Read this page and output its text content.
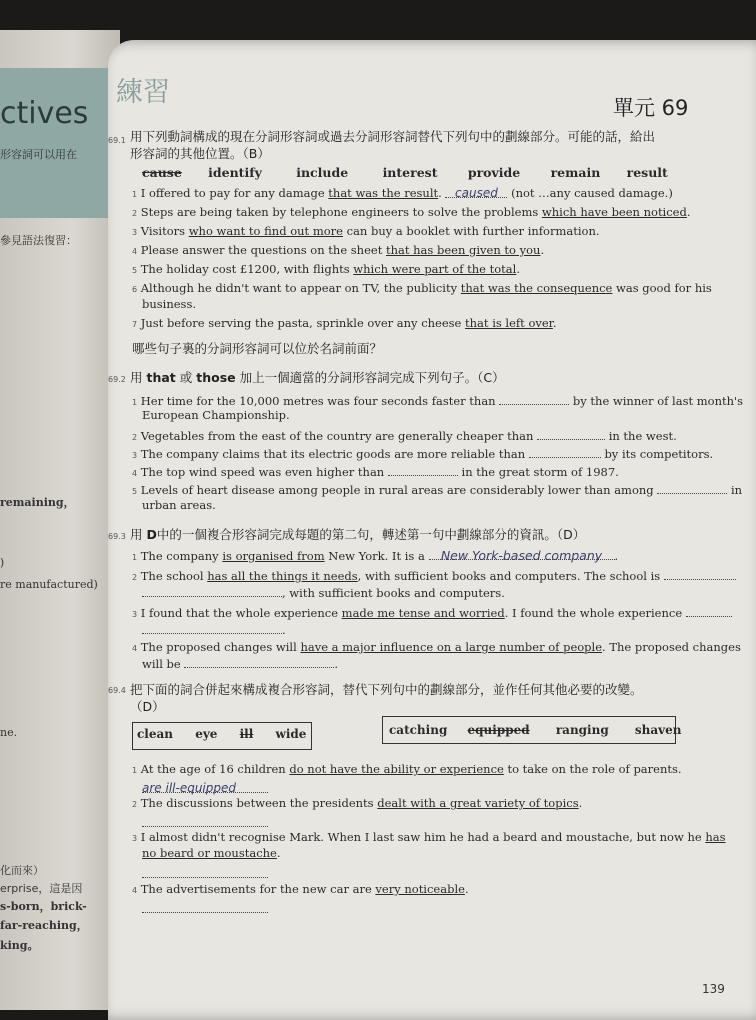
ctives
形容詞可以用在
參見語法復習：
remaining，
)
re manufactured)
ne.
化而來）
erprise，這是因
s-born，brick-
far-reaching，
king。
練習	單元 69
69.1 用下列動詞構成的現在分詞形容詞或過去分詞形容詞替代下列句中的劃線部分。可能的話，給出
形容詞的其他位置。（B）
cause identify	include	interest provide remain result
1 I offered to pay for any damage that was the result. caused (not …any caused damage.)
2 Steps are being taken by telephone engineers to solve the problems which have been noticed.
3 Visitors who want to find out more can buy a booklet with further information.
4 Please answer the questions on the sheet that has been given to you.
5 The holiday cost £1200, with flights which were part of the total.
6 Although he didn't want to appear on TV, the publicity that was the consequence was good for his
business.
7 Just before serving the pasta, sprinkle over any cheese that is left over.
哪些句子裏的分詞形容詞可以位於名詞前面？
69.2 用 that 或 those 加上一個適當的分詞形容詞完成下列句子。（C）
1 Her time for the 10,000 metres was four seconds faster than	by the winner of last month's
European Championship.
2 Vegetables from the east of the country are generally cheaper than	in the west.
3 The company claims that its electric goods are more reliable than	by its competitors.
4 The top wind speed was even higher than	in the great storm of 1987.
5 Levels of heart disease among people in rural areas are considerably lower than among	in
urban areas.
69.3 用 D中的一個複合形容詞完成每題的第二句，轉述第一句中劃線部分的資訊。（D）
1 The company is organised from New York. It is a New York-based company .
2 The school has all the things it needs, with sufficient books and computers. The school is
, with sufficient books and computers.
3 I found that the whole experience made me tense and worried. I found the whole experience
.
4 The proposed changes will have a major influence on a large number of people. The proposed changes
will be	.
69.4 把下面的詞合併起來構成複合形容詞，替代下列句中的劃線部分，並作任何其他必要的改變。
（D）
clean eye ill wide	catching equipped ranging shaven
1 At the age of 16 children do not have the ability or experience to take on the role of parents.
are ill-equipped
2 The discussions between the presidents dealt with a great variety of topics.
3 I almost didn't recognise Mark. When I last saw him he had a beard and moustache, but now he has
no beard or moustache.
4 The advertisements for the new car are very noticeable.
139
